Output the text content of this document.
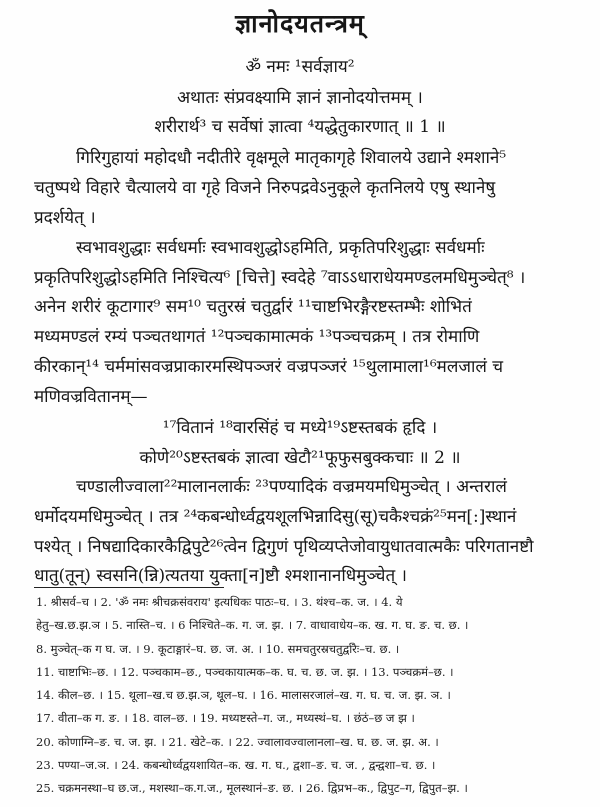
ज्ञानोदयतन्त्रम्
ॐ नमः ¹सर्वज्ञाय²
अथातः संप्रवक्ष्यामि ज्ञानं ज्ञानोदयोत्तमम् ।
शरीरार्थ³ च सर्वेषां ज्ञात्वा ⁴यद्धेतुकारणात् ॥ 1 ॥
गिरिगुहायां महोदधौ नदीतीरे वृक्षमूले मातृकागृहे शिवालये उद्याने श्मशाने⁵
चतुष्पथे विहारे चैत्यालये वा गृहे विजने निरुपद्रवेऽनुकूले कृतनिलये एषु स्थानेषु
प्रदर्शयेत् ।
स्वभावशुद्धाः सर्वधर्माः स्वभावशुद्धोऽहमिति, प्रकृतिपरिशुद्धाः सर्वधर्माः
प्रकृतिपरिशुद्धोऽहमिति निश्चित्य⁶ [चित्ते] स्वदेहे ⁷वाऽऽधाराधेयमण्डलमधिमुञ्चेत्⁸ ।
अनेन शरीरं कूटागार⁹ सम¹⁰ चतुरस्रं चतुर्द्वारं ¹¹चाष्टभिरङ्गैरष्टस्तम्भैः शोभितं
मध्यमण्डलं रम्यं पञ्चतथागतं ¹²पञ्चकामात्मकं ¹³पञ्चचक्रम् । तत्र रोमाणि
कीरकान्¹⁴ चर्ममांसवज्रप्राकारमस्थिपञ्जरं वज्रपञ्जरं ¹⁵थुलामाला¹⁶मलजालं च
मणिवज्रवितानम्—
¹⁷वितानं ¹⁸वारसिंहं च मध्ये¹⁹ऽष्टस्तबकं हृदि ।
कोणे²⁰ऽष्टस्तबकं ज्ञात्वा खेटौ²¹फूफुसबुक्कचाः ॥ 2 ॥
चण्डालीज्वाला²²मालानलार्कः ²³पण्यादिकं वज्रमयमधिमुञ्चेत् । अन्तरालं
धर्मोदयमधिमुञ्चेत् । तत्र ²⁴कबन्धोर्ध्वद्वयशूलभिन्नादिसु(सू)चकैश्चक्रं²⁵मन[:]स्थानं
पश्येत् । निषद्यादिकारकैद्विपुटे²⁶त्वेन द्विगुणं पृथिव्यप्तेजोवायुधातवात्मकैः परिगतानष्टौ
धातु(तून्) स्वसनि(न्नि)त्यतया युक्ता[न]ष्टौ श्मशानानधिमुञ्चेत् ।
1. श्रीसर्व–च । 2. 'ॐ नमः श्रीचक्रसंवराय' इत्यधिकः पाठः–घ. । 3. थंश्च–क. ज. । 4. ये
हेतु–ख.छ.झ.ञ । 5. नास्ति–च. । 6 निश्चिते–क. ग. ज. झ. । 7. वाधावाधेय–क. ख. ग. घ. ङ. च. छ. ।
8. मुञ्चेत्–क ग घ. ज. । 9. कूटाङ्गारं–घ. छ. ज. अ. । 10. समचतुरस्रचतुर्द्वारैः–च. छ. ।
11. चाष्टाभिः–छ. । 12. पञ्चकाम–छ., पञ्चकायात्मक–क. घ. च. छ. ज. झ. । 13. पञ्चक्रमं–छ. ।
14. कील–छ. । 15. थूला–ख.च छ.झ.ञ, थूल–घ. । 16. मालासरजालं–ख. ग. घ. च. ज. झ. ञ. ।
17. वीता–क ग. ङ. । 18. वाल–छ. । 19. मध्यष्टस्ते–ग. ज., मध्यस्थं–घ. । छंठं–छ ज झ ।
20. कोणाग्नि–ङ. च. ज. झ. । 21. खेटे–क. । 22. ज्वालावज्वालानला–ख. घ. छ. ज. झ. अ. ।
23. पण्या–ज.ञ. । 24. कबन्धोर्ध्वद्वयशायित–क. ख. ग. घ., द्वशा–ङ. च. ज. , द्वन्द्वशा–च. छ. ।
25. चक्रमनस्था–घ छ.ज., मशस्था–क.ग.ज., मूलस्थानं–ङ. छ. । 26. द्विप्रभ–क., द्विपुट–ग, द्विपुत–झ. ।
